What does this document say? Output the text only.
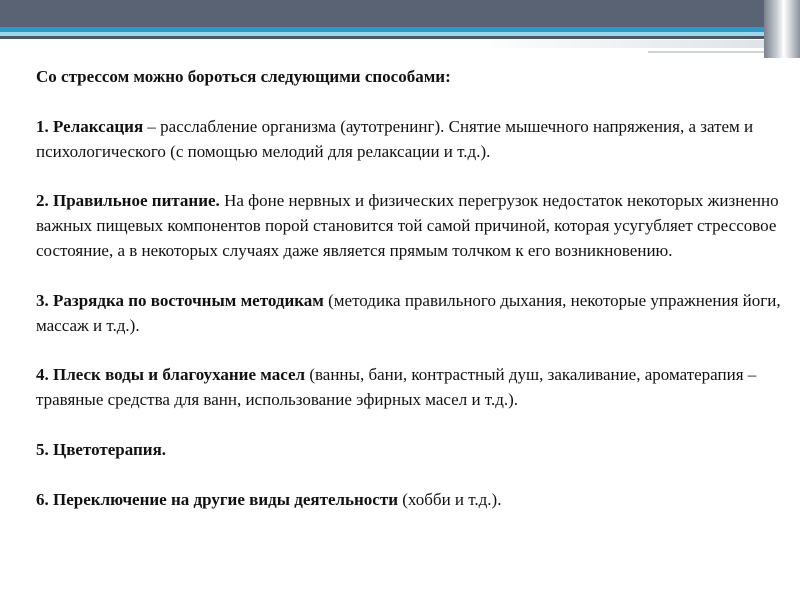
Со стрессом можно бороться следующими способами:

1. Релаксация – расслабление организма (аутотренинг). Снятие мышечного напряжения, а затем и психологического (с помощью мелодий для релаксации и т.д.).

2. Правильное питание. На фоне нервных и физических перегрузок недостаток некоторых жизненно важных пищевых компонентов порой становится той самой причиной, которая усугубляет стрессовое состояние, а в некоторых случаях даже является прямым толчком к его возникновению.

3. Разрядка по восточным методикам (методика правильного дыхания, некоторые упражнения йоги, массаж и т.д.).

4. Плеск воды и благоухание масел (ванны, бани, контрастный душ, закаливание, ароматерапия – травяные средства для ванн, использование эфирных масел и т.д.).

5. Цветотерапия.

6. Переключение на другие виды деятельности (хобби и т.д.).
